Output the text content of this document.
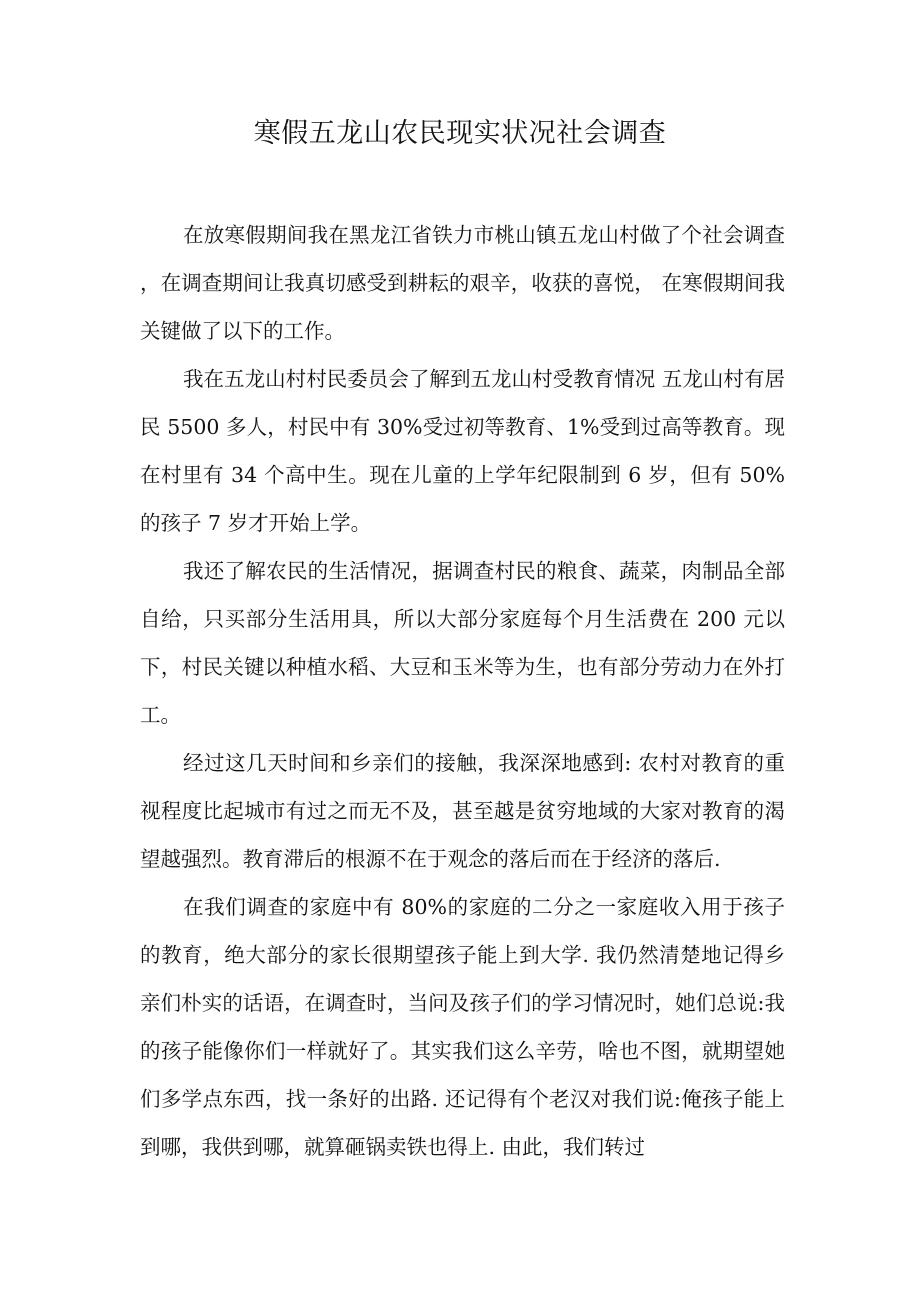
寒假五龙山农民现实状况社会调查

在放寒假期间我在黑龙江省铁力市桃山镇五龙山村做了个社会调查，在调查期间让我真切感受到耕耘的艰辛，收获的喜悦， 在寒假期间我关键做了以下的工作。

我在五龙山村村民委员会了解到五龙山村受教育情况 五龙山村有居民 5500 多人，村民中有 30%受过初等教育、1%受到过高等教育。现在村里有 34 个高中生。现在儿童的上学年纪限制到 6 岁，但有 50%的孩子 7 岁才开始上学。

我还了解农民的生活情况，据调查村民的粮食、蔬菜，肉制品全部自给，只买部分生活用具，所以大部分家庭每个月生活费在 200 元以下，村民关键以种植水稻、大豆和玉米等为生，也有部分劳动力在外打工。

经过这几天时间和乡亲们的接触，我深深地感到: 农村对教育的重视程度比起城市有过之而无不及，甚至越是贫穷地域的大家对教育的渴望越强烈。教育滞后的根源不在于观念的落后而在于经济的落后.

在我们调查的家庭中有 80%的家庭的二分之一家庭收入用于孩子的教育，绝大部分的家长很期望孩子能上到大学. 我仍然清楚地记得乡亲们朴实的话语，在调查时，当问及孩子们的学习情况时，她们总说:我的孩子能像你们一样就好了。其实我们这么辛劳，啥也不图，就期望她们多学点东西，找一条好的出路. 还记得有个老汉对我们说:俺孩子能上到哪，我供到哪，就算砸锅卖铁也得上. 由此，我们转过
